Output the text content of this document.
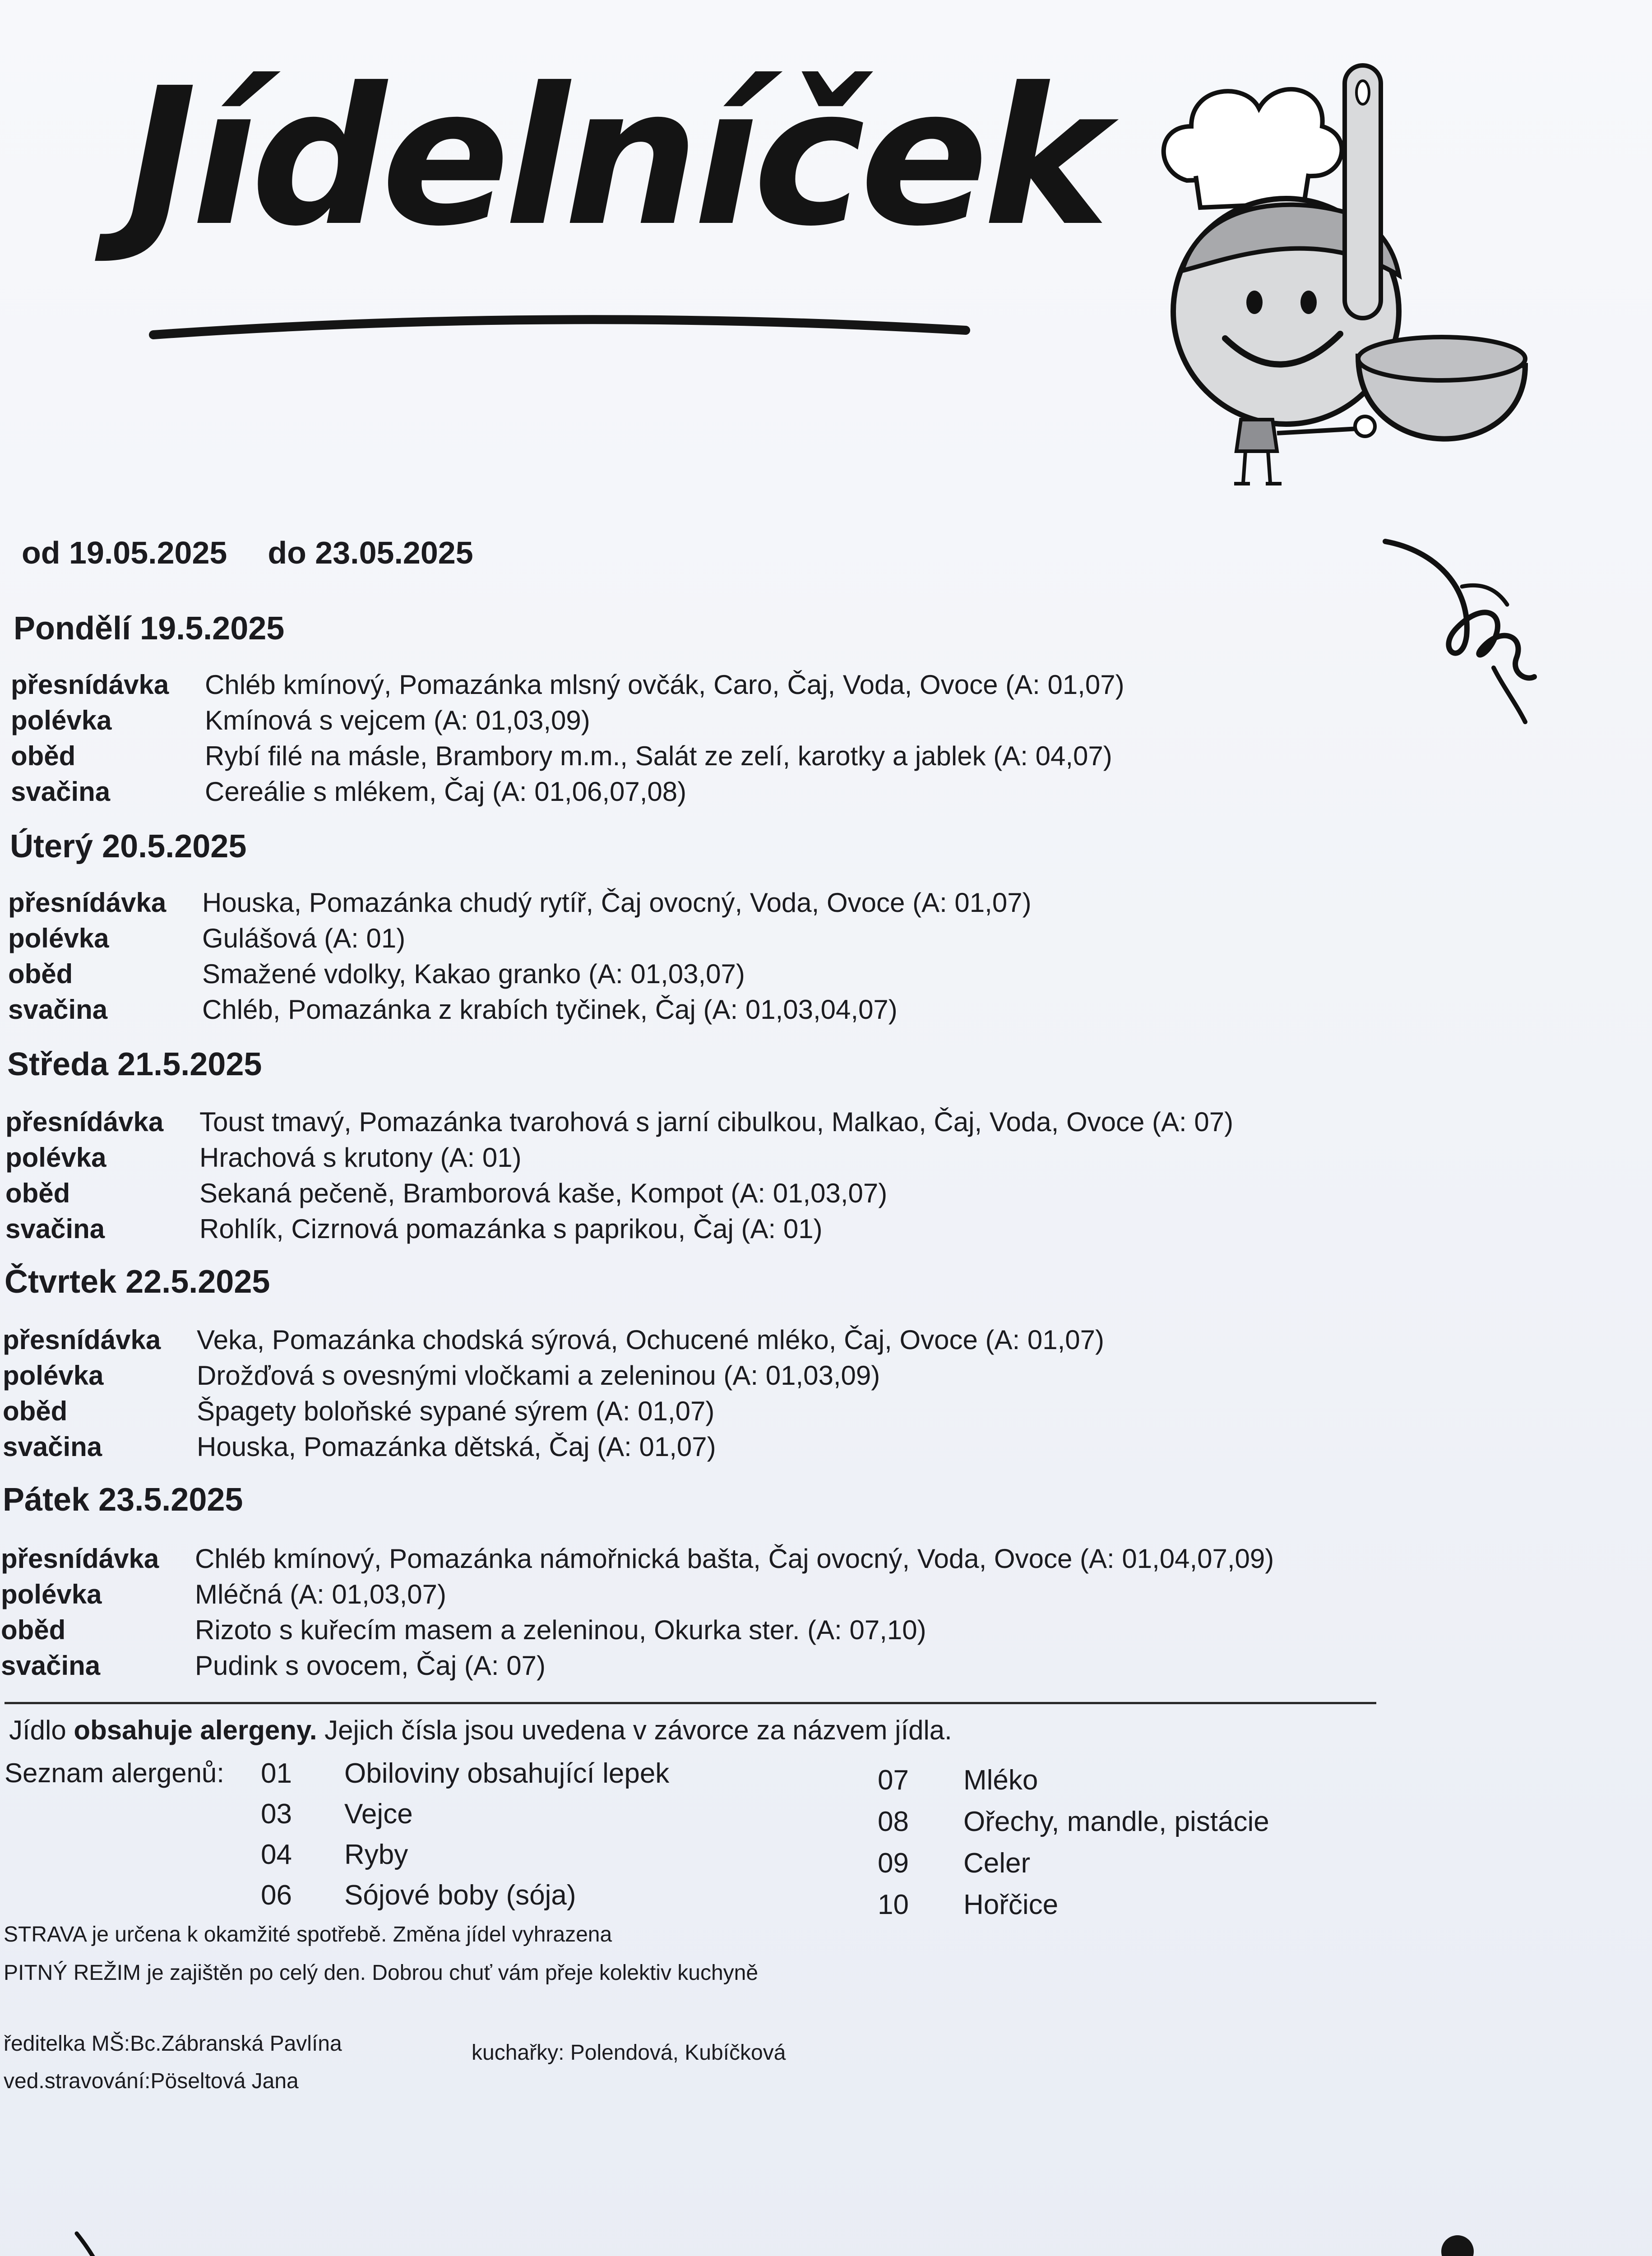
Jídelníček
od 19.05.2025 do 23.05.2025
Pondělí 19.5.2025
přesnídávka Chléb kmínový, Pomazánka mlsný ovčák, Caro, Čaj, Voda, Ovoce (A: 01,07)
polévka	Kmínová s vejcem (A: 01,03,09)
oběd	Rybí filé na másle, Brambory m.m., Salát ze zelí, karotky a jablek (A: 04,07)
svačina	Cereálie s mlékem, Čaj (A: 01,06,07,08)
Úterý 20.5.2025
přesnídávka Houska, Pomazánka chudý rytíř, Čaj ovocný, Voda, Ovoce (A: 01,07)
polévka	Gulášová (A: 01)
oběd	Smažené vdolky, Kakao granko (A: 01,03,07)
svačina	Chléb, Pomazánka z krabích tyčinek, Čaj (A: 01,03,04,07)
Středa 21.5.2025
přesnídávka Toust tmavý, Pomazánka tvarohová s jarní cibulkou, Malkao, Čaj, Voda, Ovoce (A: 07)
polévka	Hrachová s krutony (A: 01)
oběd	Sekaná pečeně, Bramborová kaše, Kompot (A: 01,03,07)
svačina	Rohlík, Cizrnová pomazánka s paprikou, Čaj (A: 01)
Čtvrtek 22.5.2025
přesnídávka Veka, Pomazánka chodská sýrová, Ochucené mléko, Čaj, Ovoce (A: 01,07)
polévka	Drožďová s ovesnými vločkami a zeleninou (A: 01,03,09)
oběd	Špagety boloňské sypané sýrem (A: 01,07)
svačina	Houska, Pomazánka dětská, Čaj (A: 01,07)
Pátek 23.5.2025
přesnídávka Chléb kmínový, Pomazánka námořnická bašta, Čaj ovocný, Voda, Ovoce (A: 01,04,07,09)
polévka	Mléčná (A: 01,03,07)
oběd	Rizoto s kuřecím masem a zeleninou, Okurka ster. (A: 07,10)
svačina	Pudink s ovocem, Čaj (A: 07)
Jídlo obsahuje alergeny. Jejich čísla jsou uvedena v závorce za názvem jídla.
Seznam alergenů: 01 Obiloviny obsahující lepek
03 Vejce
04 Ryby
06 Sójové boby (sója)
07 Mléko
08 Ořechy, mandle, pistácie
09 Celer
10 Hořčice
STRAVA je určena k okamžité spotřebě. Změna jídel vyhrazena
PITNÝ REŽIM je zajištěn po celý den. Dobrou chuť vám přeje kolektiv kuchyně
ředitelka MŠ:Bc.Zábranská Pavlína
ved.stravování:Pöseltová Jana
kuchařky: Polendová, Kubíčková
